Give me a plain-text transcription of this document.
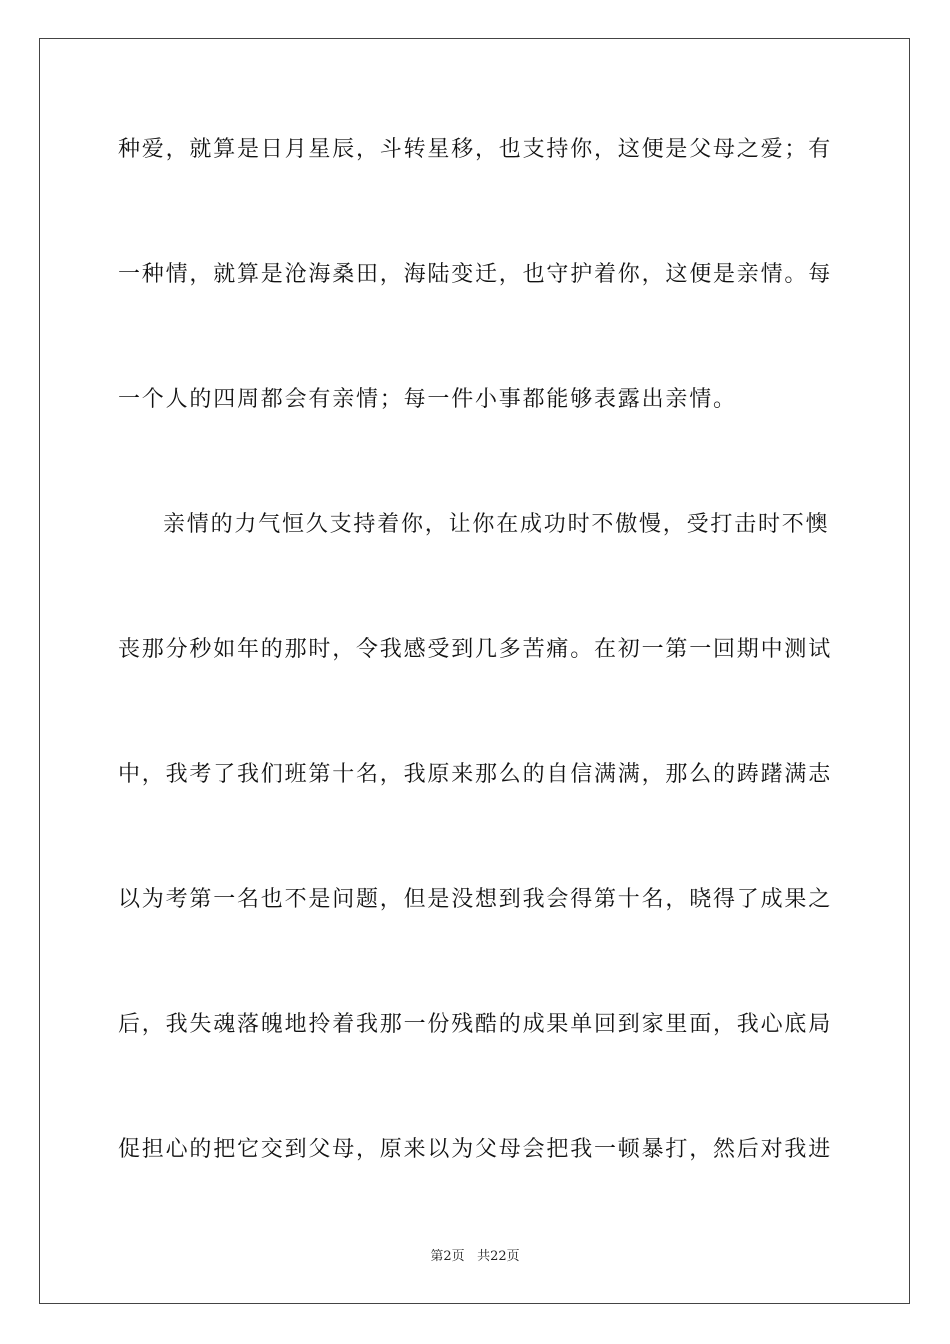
种爱，就算是日月星辰，斗转星移，也支持你，这便是父母之爱；有
一种情，就算是沧海桑田，海陆变迁，也守护着你，这便是亲情。每
一个人的四周都会有亲情；每一件小事都能够表露出亲情。
亲情的力气恒久支持着你，让你在成功时不傲慢，受打击时不懊
丧那分秒如年的那时，令我感受到几多苦痛。在初一第一回期中测试
中，我考了我们班第十名，我原来那么的自信满满，那么的踌躇满志
以为考第一名也不是问题，但是没想到我会得第十名，晓得了成果之
后，我失魂落魄地拎着我那一份残酷的成果单回到家里面，我心底局
促担心的把它交到父母，原来以为父母会把我一顿暴打，然后对我进
第2页 共22页
